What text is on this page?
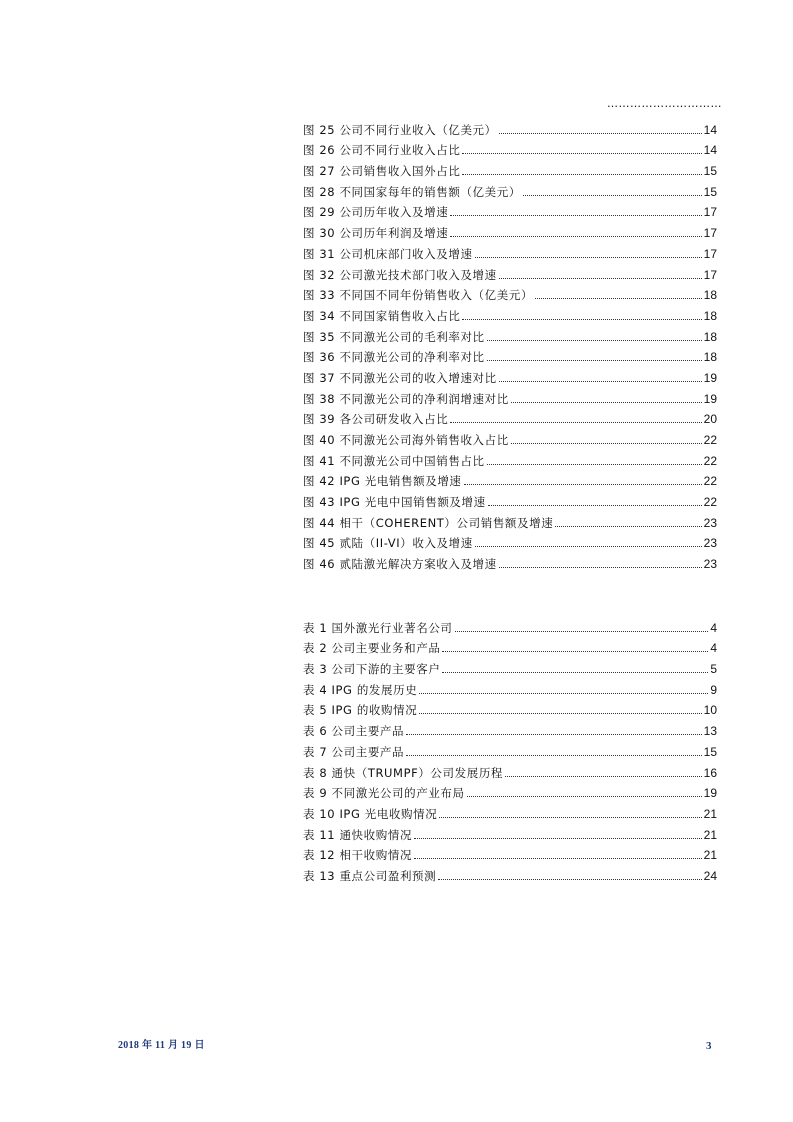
…………………………
图 25 公司不同行业收入（亿美元）	14
图 26 公司不同行业收入占比	14
图 27 公司销售收入国外占比	15
图 28 不同国家每年的销售额（亿美元）	15
图 29 公司历年收入及增速	17
图 30 公司历年利润及增速	17
图 31 公司机床部门收入及增速	17
图 32 公司激光技术部门收入及增速	17
图 33 不同国不同年份销售收入（亿美元）	18
图 34 不同国家销售收入占比	18
图 35 不同激光公司的毛利率对比	18
图 36 不同激光公司的净利率对比	18
图 37 不同激光公司的收入增速对比	19
图 38 不同激光公司的净利润增速对比	19
图 39 各公司研发收入占比	20
图 40 不同激光公司海外销售收入占比	22
图 41 不同激光公司中国销售占比	22
图 42 IPG 光电销售额及增速	22
图 43 IPG 光电中国销售额及增速	22
图 44 相干（COHERENT）公司销售额及增速	23
图 45 贰陆（II-VI）收入及增速	23
图 46 贰陆激光解决方案收入及增速	23
表 1 国外激光行业著名公司	4
表 2 公司主要业务和产品	4
表 3 公司下游的主要客户	5
表 4 IPG 的发展历史	9
表 5 IPG 的收购情况	10
表 6 公司主要产品	13
表 7 公司主要产品	15
表 8 通快（TRUMPF）公司发展历程	16
表 9 不同激光公司的产业布局	19
表 10 IPG 光电收购情况	21
表 11 通快收购情况	21
表 12 相干收购情况	21
表 13 重点公司盈利预测	24
2018 年 11 月 19 日	3
